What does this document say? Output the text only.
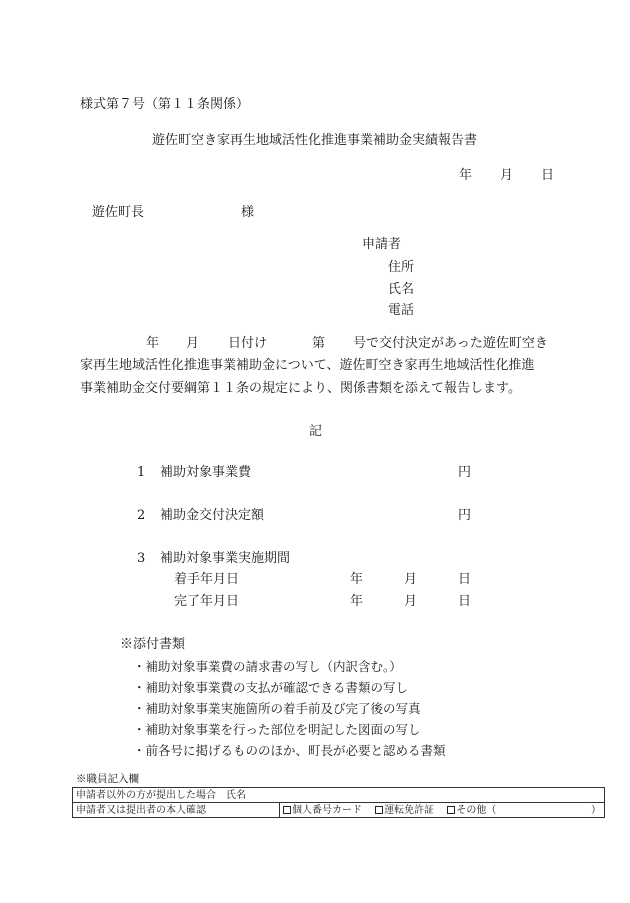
様式第７号（第１１条関係）
遊佐町空き家再生地域活性化推進事業補助金実績報告書
年 月 日
遊佐町長	様
申請者
住所
氏名
電話
年 月 日付け	第 号で交付決定があった遊佐町空き
家再生地域活性化推進事業補助金について、遊佐町空き家再生地域活性化推進
事業補助金交付要綱第１１条の規定により、関係書類を添えて報告します。
記
1 補助対象事業費	円
2 補助金交付決定額	円
3 補助対象事業実施期間
着手年月日	年	月	日
完了年月日	年	月	日
※添付書類
・補助対象事業費の請求書の写し（内訳含む。）
・補助対象事業費の支払が確認できる書類の写し
・補助対象事業実施箇所の着手前及び完了後の写真
・補助対象事業を行った部位を明記した図面の写し
・前各号に掲げるもののほか、町長が必要と認める書類
※職員記入欄
申請者以外の方が提出した場合　氏名
申請者又は提出者の本人確認	個人番号カード 運転免許証 その他（	）
